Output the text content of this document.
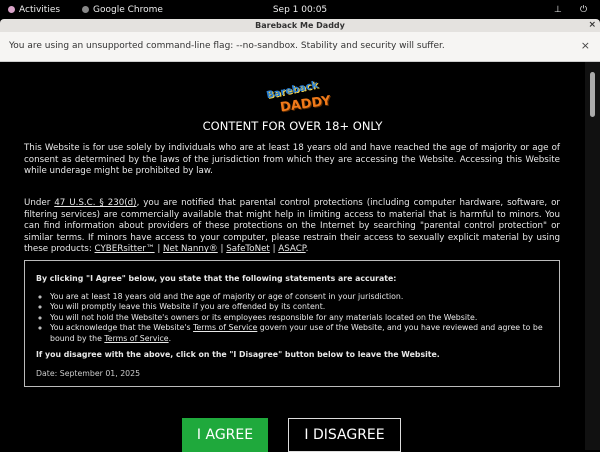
Activities	Google Chrome	Sep 1 00:05	⊥ ⏻
Bareback Me Daddy	×
You are using an unsupported command-line flag: --no-sandbox. Stability and security will suffer.	×
Bareback
DADDY
CONTENT FOR OVER 18+ ONLY
This Website is for use solely by individuals who are at least 18 years old and have reached the age of majority or age of consent as determined by the laws of the jurisdiction from which they are accessing the Website. Accessing this Website while underage might be prohibited by law.
Under 47 U.S.C. § 230(d), you are notified that parental control protections (including computer hardware, software, or filtering services) are commercially available that might help in limiting access to material that is harmful to minors. You can find information about providers of these protections on the Internet by searching "parental control protection" or similar terms. If minors have access to your computer, please restrain their access to sexually explicit material by using these products: CYBERsitter™ | Net Nanny® | SafeToNet | ASACP.
By clicking "I Agree" below, you state that the following statements are accurate:
◦ You are at least 18 years old and the age of majority or age of consent in your jurisdiction.
◦ You will promptly leave this Website if you are offended by its content.
◦ You will not hold the Website's owners or its employees responsible for any materials located on the Website.
◦ You acknowledge that the Website's Terms of Service govern your use of the Website, and you have reviewed and agree to be bound by the Terms of Service.
If you disagree with the above, click on the "I Disagree" button below to leave the Website.
Date: September 01, 2025
I AGREE	I DISAGREE
